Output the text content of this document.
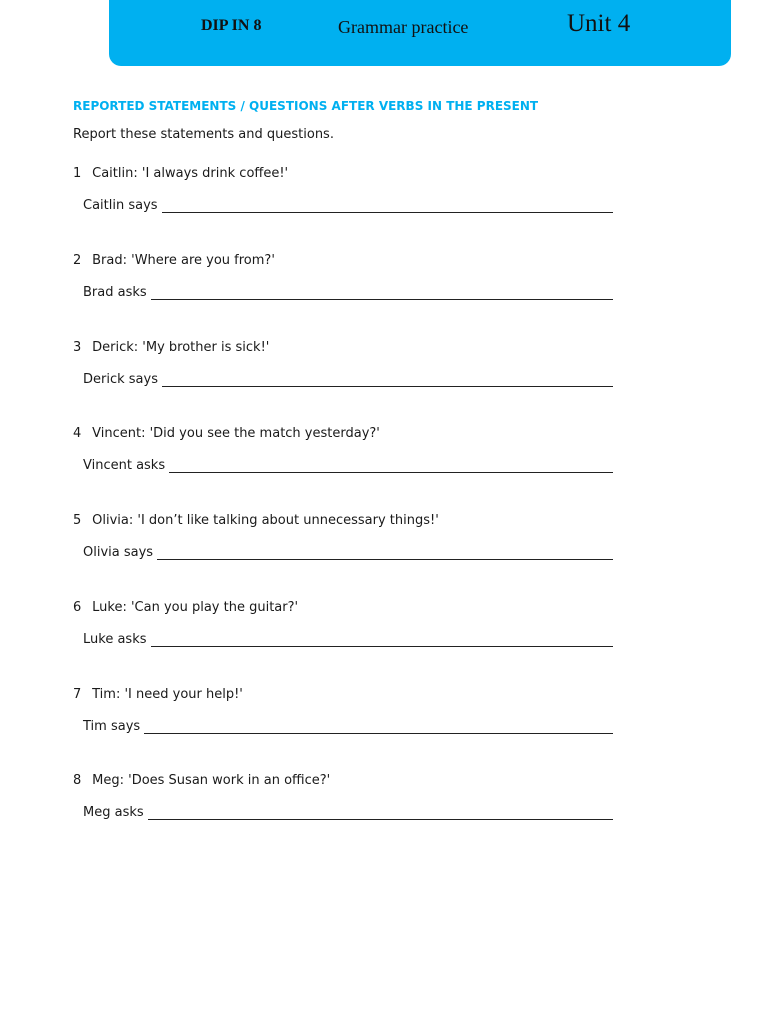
DIP IN 8	Grammar practice	Unit 4
REPORTED STATEMENTS / QUESTIONS AFTER VERBS IN THE PRESENT
Report these statements and questions.
1 Caitlin: 'I always drink coffee!'
Caitlin says
2 Brad: 'Where are you from?'
Brad asks
3 Derick: 'My brother is sick!'
Derick says
4 Vincent: 'Did you see the match yesterday?'
Vincent asks
5 Olivia: 'I don’t like talking about unnecessary things!'
Olivia says
6 Luke: 'Can you play the guitar?'
Luke asks
7 Tim: 'I need your help!'
Tim says
8 Meg: 'Does Susan work in an office?'
Meg asks
